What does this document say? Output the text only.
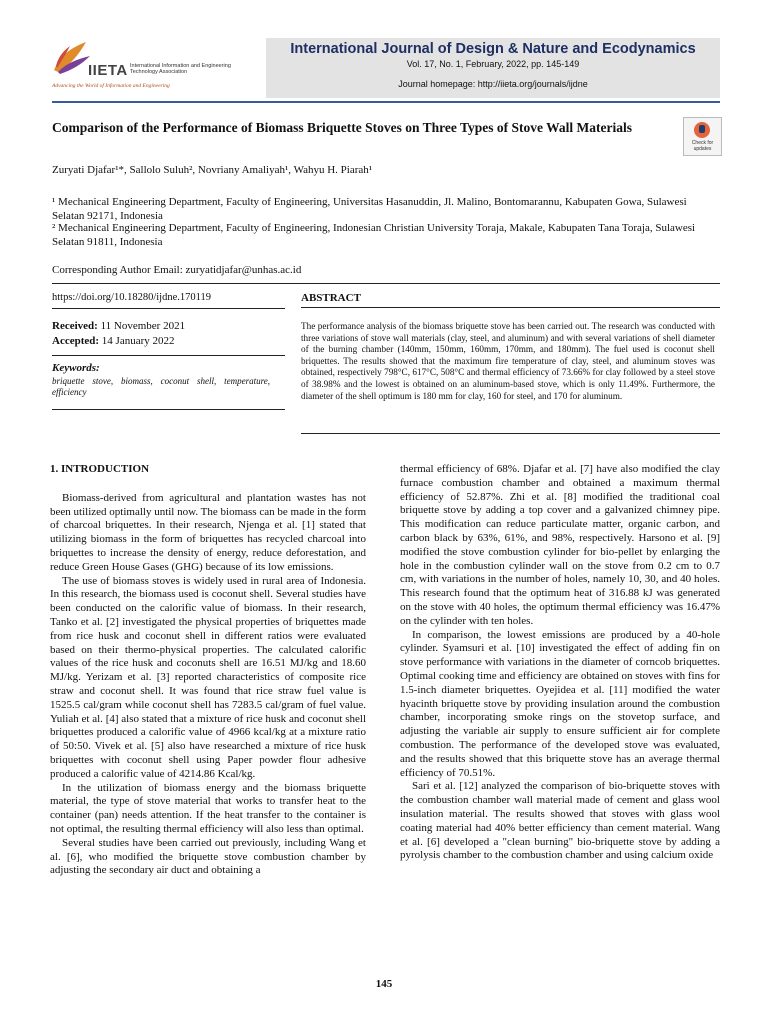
IIETA International Information and Engineering Technology Association
Advancing the World of Information and Engineering
International Journal of Design & Nature and Ecodynamics
Vol. 17, No. 1, February, 2022, pp. 145-149
Journal homepage: http://iieta.org/journals/ijdne
Comparison of the Performance of Biomass Briquette Stoves on Three Types of Stove Wall Materials
Check for updates
Zuryati Djafar¹*, Sallolo Suluh², Novriany Amaliyah¹, Wahyu H. Piarah¹
¹ Mechanical Engineering Department, Faculty of Engineering, Universitas Hasanuddin, Jl. Malino, Bontomarannu, Kabupaten Gowa, Sulawesi Selatan 92171, Indonesia
² Mechanical Engineering Department, Faculty of Engineering, Indonesian Christian University Toraja, Makale, Kabupaten Tana Toraja, Sulawesi Selatan 91811, Indonesia
Corresponding Author Email: zuryatidjafar@unhas.ac.id
https://doi.org/10.18280/ijdne.170119
Received: 11 November 2021
Accepted: 14 January 2022
Keywords:
briquette stove, biomass, coconut shell, temperature, efficiency
ABSTRACT
The performance analysis of the biomass briquette stove has been carried out. The research was conducted with three variations of stove wall materials (clay, steel, and aluminum) and with several variations of shell diameter of the burning chamber (140mm, 150mm, 160mm, 170mm, and 180mm). The fuel used is coconut shell briquettes. The results showed that the maximum fire temperature of clay, steel, and aluminum stoves was obtained, respectively 798°C, 617°C, 508°C and thermal efficiency of 73.66% for clay followed by a steel stove of 38.98% and the lowest is obtained on an aluminum-based stove, which is only 11.49%. Furthermore, the diameter of the shell optimum is 180 mm for clay, 160 for steel, and 170 for aluminum.

1. INTRODUCTION

Biomass-derived from agricultural and plantation wastes has not been utilized optimally until now. The biomass can be made in the form of charcoal briquettes. In their research, Njenga et al. [1] stated that utilizing biomass in the form of briquettes has recycled charcoal into briquettes to increase the density of energy, reduce deforestation, and reduce Green House Gases (GHG) because of its low emissions.

The use of biomass stoves is widely used in rural area of Indonesia. In this research, the biomass used is coconut shell. Several studies have been conducted on the calorific value of biomass. In their research, Tanko et al. [2] investigated the physical properties of briquettes made from rice husk and coconut shell in different ratios were evaluated based on their thermo-physical properties. The calculated calorific values of the rice husk and coconuts shell are 16.51 MJ/kg and 18.60 MJ/kg. Yerizam et al. [3] reported characteristics of composite rice straw and coconut shell. It was found that rice straw fuel value is 1525.5 cal/gram while coconut shell has 7283.5 cal/gram of fuel value. Yuliah et al. [4] also stated that a mixture of rice husk and coconut shell briquettes produced a calorific value of 4966 kcal/kg at a mixture ratio of 50:50. Vivek et al. [5] also have researched a mixture of rice husk briquettes with coconut shell using Paper powder flour adhesive produced a calorific value of 4214.86 Kcal/kg.

In the utilization of biomass energy and the biomass briquette material, the type of stove material that works to transfer heat to the container (pan) needs attention. If the heat transfer to the container is not optimal, the resulting thermal efficiency will also less than optimal.

Several studies have been carried out previously, including Wang et al. [6], who modified the briquette stove combustion chamber by adjusting the secondary air duct and obtaining a

thermal efficiency of 68%. Djafar et al. [7] have also modified the clay furnace combustion chamber and obtained a maximum thermal efficiency of 52.87%. Zhi et al. [8] modified the traditional coal briquette stove by adding a top cover and a galvanized chimney pipe. This modification can reduce particulate matter, organic carbon, and carbon black by 63%, 61%, and 98%, respectively. Harsono et al. [9] modified the stove combustion cylinder for bio-pellet by enlarging the hole in the combustion cylinder wall on the stove from 0.2 cm to 0.7 cm, with variations in the number of holes, namely 10, 30, and 40 holes. This research found that the optimum heat of 316.88 kJ was generated on the stove with 40 holes, the optimum thermal efficiency was 16.47% on the cylinder with ten holes.

In comparison, the lowest emissions are produced by a 40-hole cylinder. Syamsuri et al. [10] investigated the effect of adding fin on stove performance with variations in the diameter of corncob briquettes. Optimal cooking time and efficiency are obtained on stoves with fins for 1.5-inch diameter briquettes. Oyejidea et al. [11] modified the water hyacinth briquette stove by providing insulation around the combustion chamber, incorporating smoke rings on the stovetop surface, and adjusting the variable air supply to ensure sufficient air for complete combustion. The performance of the developed stove was evaluated, and the results showed that this briquette stove has an average thermal efficiency of 70.51%.

Sari et al. [12] analyzed the comparison of bio-briquette stoves with the combustion chamber wall material made of cement and glass wool insulation material. The results showed that stoves with glass wool coating material had 40% better efficiency than cement material. Wang et al. [6] developed a "clean burning" bio-briquette stove by adding a pyrolysis chamber to the combustion chamber and using calcium oxide

145
